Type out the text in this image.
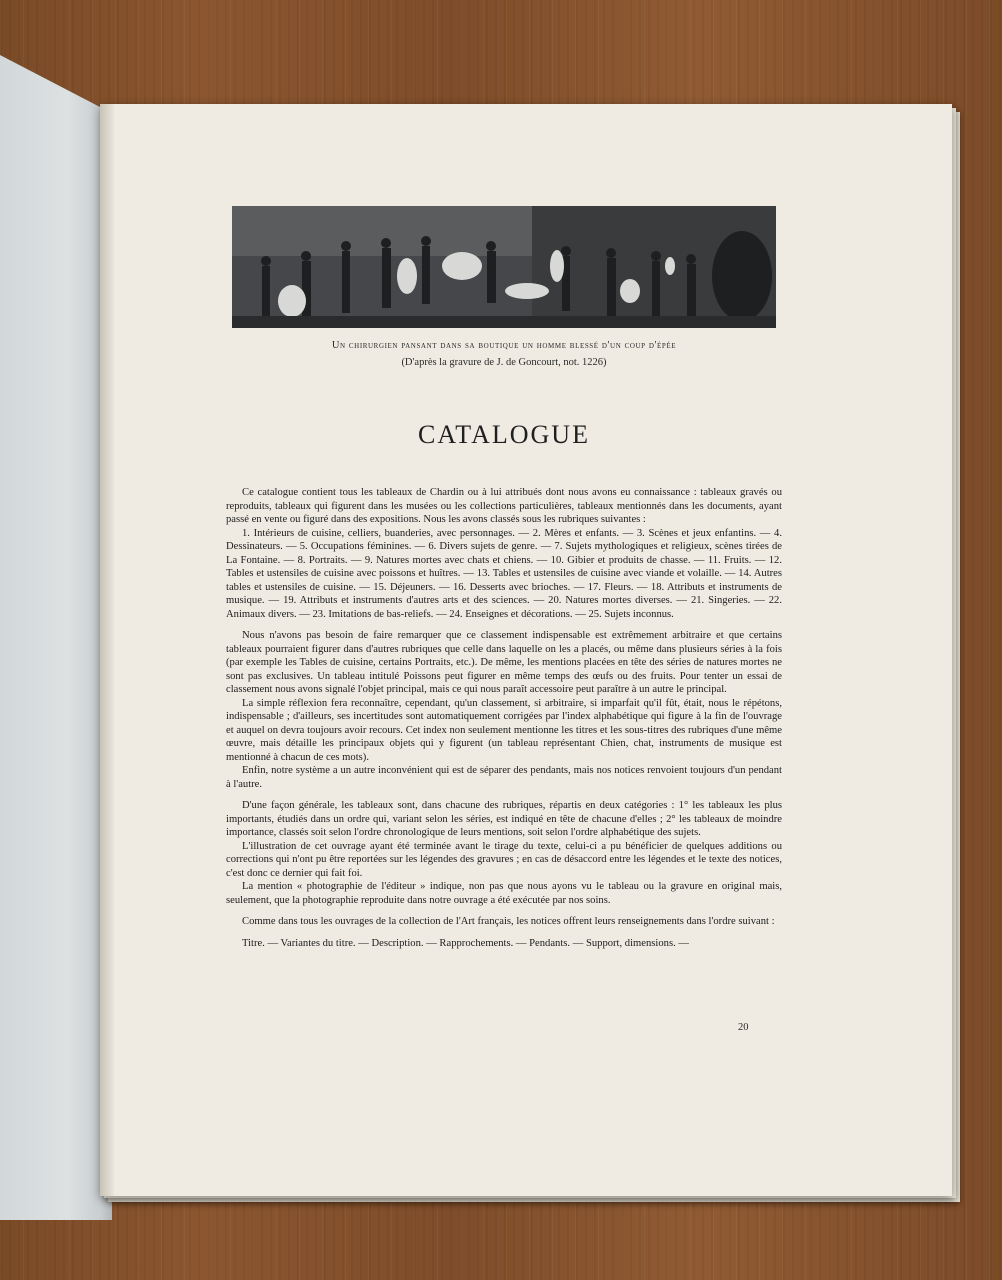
Un chirurgien pansant dans sa boutique un homme blessé d'un coup d'épée
(D'après la gravure de J. de Goncourt, not. 1226)
CATALOGUE

Ce catalogue contient tous les tableaux de Chardin ou à lui attribués dont nous avons eu connaissance : tableaux gravés ou reproduits, tableaux qui figurent dans les musées ou les collections particulières, tableaux mentionnés dans les documents, ayant passé en vente ou figuré dans des expositions. Nous les avons classés sous les rubriques suivantes :

1. Intérieurs de cuisine, celliers, buanderies, avec personnages. — 2. Mères et enfants. — 3. Scènes et jeux enfantins. — 4. Dessinateurs. — 5. Occupations féminines. — 6. Divers sujets de genre. — 7. Sujets mythologiques et religieux, scènes tirées de La Fontaine. — 8. Portraits. — 9. Natures mortes avec chats et chiens. — 10. Gibier et produits de chasse. — 11. Fruits. — 12. Tables et ustensiles de cuisine avec poissons et huîtres. — 13. Tables et ustensiles de cuisine avec viande et volaille. — 14. Autres tables et ustensiles de cuisine. — 15. Déjeuners. — 16. Desserts avec brioches. — 17. Fleurs. — 18. Attributs et instruments de musique. — 19. Attributs et instruments d'autres arts et des sciences. — 20. Natures mortes diverses. — 21. Singeries. — 22. Animaux divers. — 23. Imitations de bas-reliefs. — 24. Enseignes et décorations. — 25. Sujets inconnus.

Nous n'avons pas besoin de faire remarquer que ce classement indispensable est extrêmement arbitraire et que certains tableaux pourraient figurer dans d'autres rubriques que celle dans laquelle on les a placés, ou même dans plusieurs séries à la fois (par exemple les Tables de cuisine, certains Portraits, etc.). De même, les mentions placées en tête des séries de natures mortes ne sont pas exclusives. Un tableau intitulé Poissons peut figurer en même temps des œufs ou des fruits. Pour tenter un essai de classement nous avons signalé l'objet principal, mais ce qui nous paraît accessoire peut paraître à un autre le principal.

La simple réflexion fera reconnaître, cependant, qu'un classement, si arbitraire, si imparfait qu'il fût, était, nous le répétons, indispensable ; d'ailleurs, ses incertitudes sont automatiquement corrigées par l'index alphabétique qui figure à la fin de l'ouvrage et auquel on devra toujours avoir recours. Cet index non seulement mentionne les titres et les sous-titres des rubriques d'une même œuvre, mais détaille les principaux objets qui y figurent (un tableau représentant Chien, chat, instruments de musique est mentionné à chacun de ces mots).

Enfin, notre système a un autre inconvénient qui est de séparer des pendants, mais nos notices renvoient toujours d'un pendant à l'autre.

D'une façon générale, les tableaux sont, dans chacune des rubriques, répartis en deux catégories : 1° les tableaux les plus importants, étudiés dans un ordre qui, variant selon les séries, est indiqué en tête de chacune d'elles ; 2° les tableaux de moindre importance, classés soit selon l'ordre chronologique de leurs mentions, soit selon l'ordre alphabétique des sujets.

L'illustration de cet ouvrage ayant été terminée avant le tirage du texte, celui-ci a pu bénéficier de quelques additions ou corrections qui n'ont pu être reportées sur les légendes des gravures ; en cas de désaccord entre les légendes et le texte des notices, c'est donc ce dernier qui fait foi.

La mention « photographie de l'éditeur » indique, non pas que nous ayons vu le tableau ou la gravure en original mais, seulement, que la photographie reproduite dans notre ouvrage a été exécutée par nos soins.

Comme dans tous les ouvrages de la collection de l'Art français, les notices offrent leurs renseignements dans l'ordre suivant :

Titre. — Variantes du titre. — Description. — Rapprochements. — Pendants. — Support, dimensions. —

20
